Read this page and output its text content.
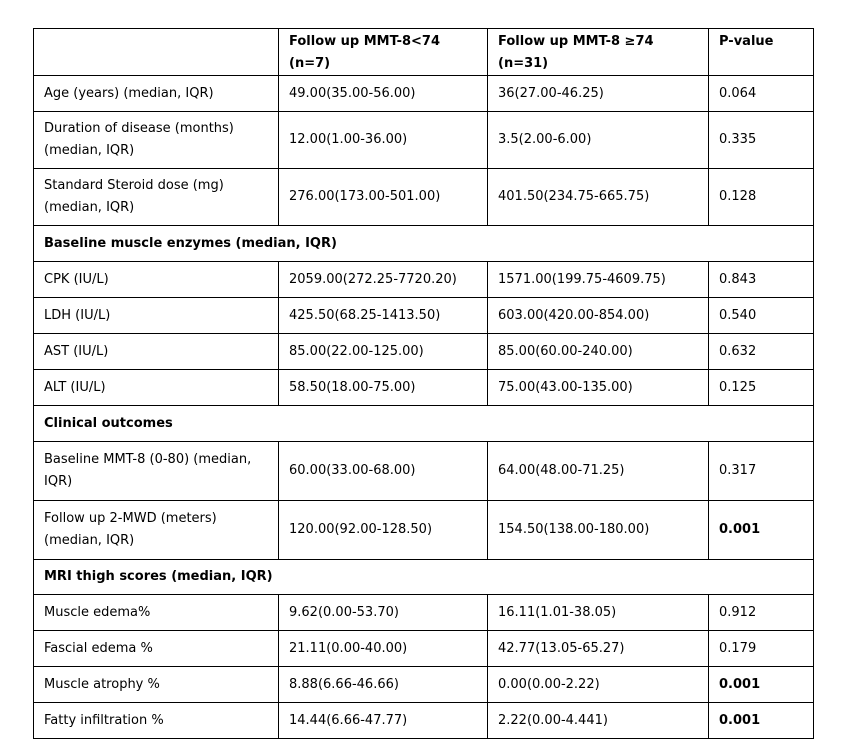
	Follow up MMT-8<74 (n=7)	Follow up MMT-8 ≥74 (n=31)	P-value
Age (years) (median, IQR)	49.00(35.00-56.00)	36(27.00-46.25)	0.064
Duration of disease (months) (median, IQR)	12.00(1.00-36.00)	3.5(2.00-6.00)	0.335
Standard Steroid dose (mg) (median, IQR)	276.00(173.00-501.00)	401.50(234.75-665.75)	0.128
Baseline muscle enzymes (median, IQR)			
CPK (IU/L)	2059.00(272.25-7720.20)	1571.00(199.75-4609.75)	0.843
LDH (IU/L)	425.50(68.25-1413.50)	603.00(420.00-854.00)	0.540
AST (IU/L)	85.00(22.00-125.00)	85.00(60.00-240.00)	0.632
ALT (IU/L)	58.50(18.00-75.00)	75.00(43.00-135.00)	0.125
Clinical outcomes			
Baseline MMT-8 (0-80) (median, IQR)	60.00(33.00-68.00)	64.00(48.00-71.25)	0.317
Follow up 2-MWD (meters) (median, IQR)	120.00(92.00-128.50)	154.50(138.00-180.00)	0.001
MRI thigh scores (median, IQR)			
Muscle edema%	9.62(0.00-53.70)	16.11(1.01-38.05)	0.912
Fascial edema %	21.11(0.00-40.00)	42.77(13.05-65.27)	0.179
Muscle atrophy %	8.88(6.66-46.66)	0.00(0.00-2.22)	0.001
Fatty infiltration %	14.44(6.66-47.77)	2.22(0.00-4.441)	0.001
